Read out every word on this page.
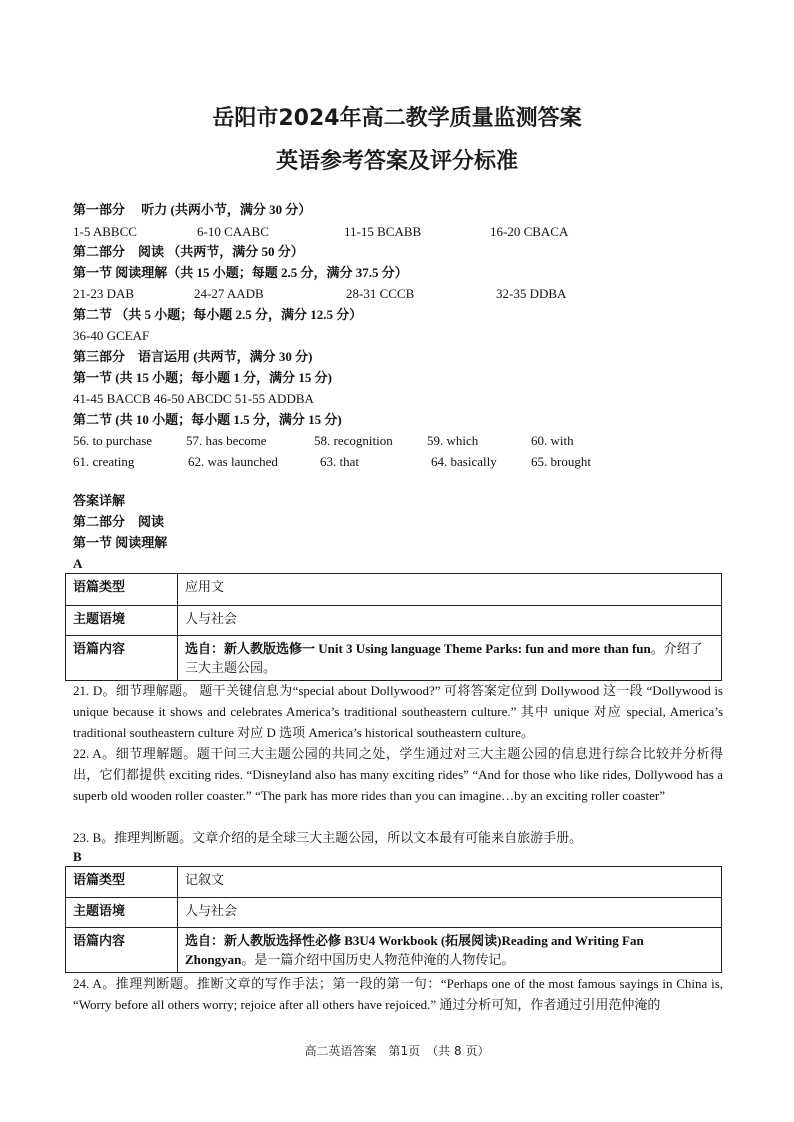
岳阳市2024年高二教学质量监测答案
英语参考答案及评分标准
第一部分　 听力 (共两小节，满分 30 分）
1-5 ABBCC	6-10 CAABC	11-15 BCABB	16-20 CBACA
第二部分　阅读 （共两节，满分 50 分）
第一节 阅读理解（共 15 小题；每题 2.5 分，满分 37.5 分）
21-23 DAB	24-27 AADB	28-31 CCCB	32-35 DDBA
第二节 （共 5 小题；每小题 2.5 分，满分 12.5 分）
36-40 GCEAF
第三部分　语言运用 (共两节，满分 30 分)
第一节 (共 15 小题；每小题 1 分，满分 15 分)
41-45 BACCB 46-50 ABCDC 51-55 ADDBA
第二节 (共 10 小题；每小题 1.5 分，满分 15 分)
56. to purchase	57. has become	58. recognition	59. which	60. with
61. creating	62. was launched	63. that	64. basically	65. brought
答案详解
第二部分　阅读
第一节 阅读理解
A
语篇类型	应用文
主题语境	人与社会
语篇内容	选自：新人教版选修一 Unit 3 Using language Theme Parks: fun and more than fun。介绍了三大主题公园。
21. D。细节理解题。 题干关键信息为“special about Dollywood?” 可将答案定位到 Dollywood 这一段 “Dollywood is unique because it shows and celebrates America’s traditional southeastern culture.” 其中 unique 对应 special, America’s traditional southeastern culture 对应 D 选项 America’s historical southeastern culture。
22. A。细节理解题。题干问三大主题公园的共同之处，学生通过对三大主题公园的信息进行综合比较并分析得出，它们都提供 exciting rides. “Disneyland also has many exciting rides” “And for those who like rides, Dollywood has a superb old wooden roller coaster.” “The park has more rides than you can imagine…by an exciting roller coaster”
23. B。推理判断题。文章介绍的是全球三大主题公园，所以文本最有可能来自旅游手册。
B
语篇类型	记叙文
主题语境	人与社会
语篇内容	选自：新人教版选择性必修 B3U4 Workbook (拓展阅读)Reading and Writing Fan Zhongyan。是一篇介绍中国历史人物范仲淹的人物传记。
24. A。推理判断题。推断文章的写作手法；第一段的第一句：“Perhaps one of the most famous sayings in China is, “Worry before all others worry; rejoice after all others have rejoiced.” 通过分析可知，作者通过引用范仲淹的
高二英语答案　第1页　（共 8 页）
